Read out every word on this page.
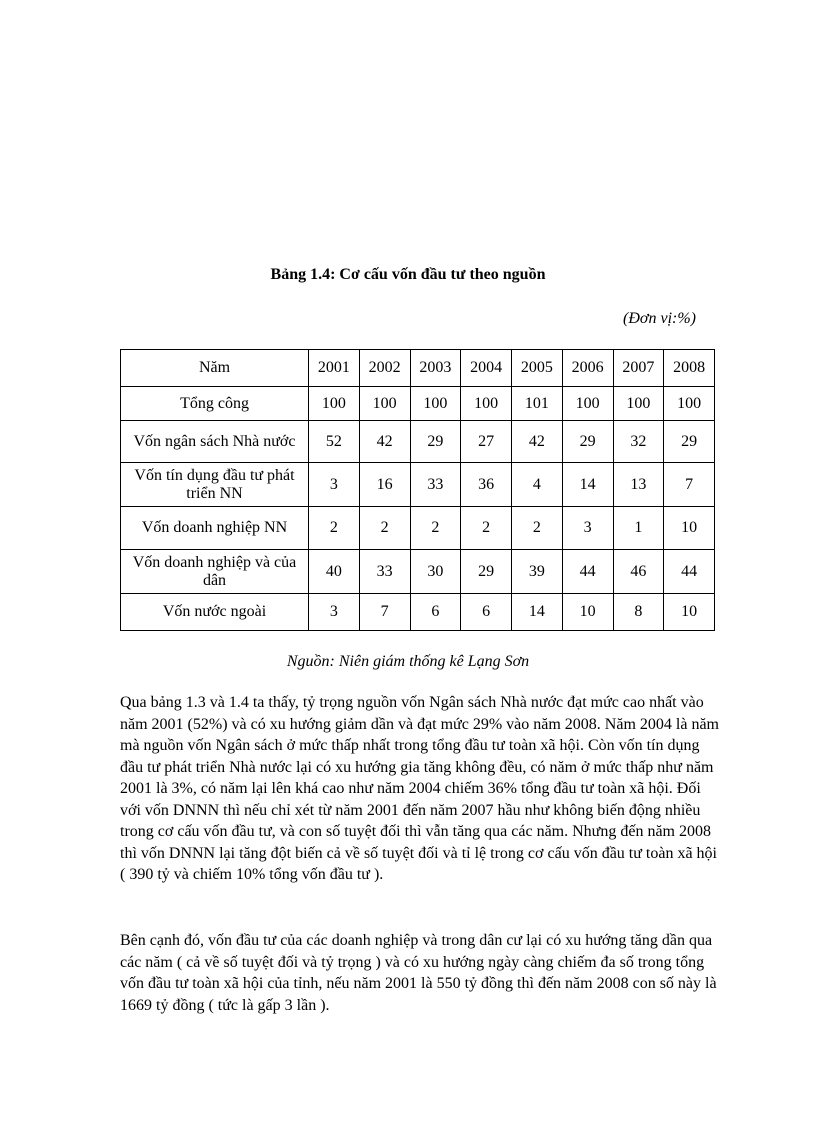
Bảng 1.4: Cơ cấu vốn đầu tư theo nguồn
(Đơn vị:%)
Năm	2001	2002	2003	2004	2005	2006	2007	2008
Tổng công	100	100	100	100	101	100	100	100
Vốn ngân sách Nhà nước	52	42	29	27	42	29	32	29
Vốn tín dụng đầu tư phát triển NN	3	16	33	36	4	14	13	7
Vốn doanh nghiệp NN	2	2	2	2	2	3	1	10
Vốn doanh nghiệp và của dân	40	33	30	29	39	44	46	44
Vốn nước ngoài	3	7	6	6	14	10	8	10
Nguồn: Niên giám thống kê Lạng Sơn

Qua bảng 1.3 và 1.4 ta thấy, tỷ trọng nguồn vốn Ngân sách Nhà nước đạt mức cao nhất vào năm 2001 (52%) và có xu hướng giảm dần và đạt mức 29% vào năm 2008. Năm 2004 là năm mà nguồn vốn Ngân sách ở mức thấp nhất trong tổng đầu tư toàn xã hội. Còn vốn tín dụng đầu tư phát triển Nhà nước lại có xu hướng gia tăng không đều, có năm ở mức thấp như năm 2001 là 3%, có năm lại lên khá cao như năm 2004 chiếm 36% tổng đầu tư toàn xã hội. Đối với vốn DNNN thì nếu chỉ xét từ năm 2001 đến năm 2007 hầu như không biến động nhiều trong cơ cấu vốn đầu tư, và con số tuyệt đối thì vẫn tăng qua các năm. Nhưng đến năm 2008 thì vốn DNNN lại tăng đột biến cả về số tuyệt đối và tỉ lệ trong cơ cấu vốn đầu tư toàn xã hội ( 390 tỷ và chiếm 10% tổng vốn đầu tư ).

Bên cạnh đó, vốn đầu tư của các doanh nghiệp và trong dân cư lại có xu hướng tăng dần qua các năm ( cả về số tuyệt đối và tỷ trọng ) và có xu hướng ngày càng chiếm đa số trong tổng vốn đầu tư toàn xã hội của tỉnh, nếu năm 2001 là 550 tỷ đồng thì đến năm 2008 con số này là 1669 tỷ đồng ( tức là gấp 3 lần ).
